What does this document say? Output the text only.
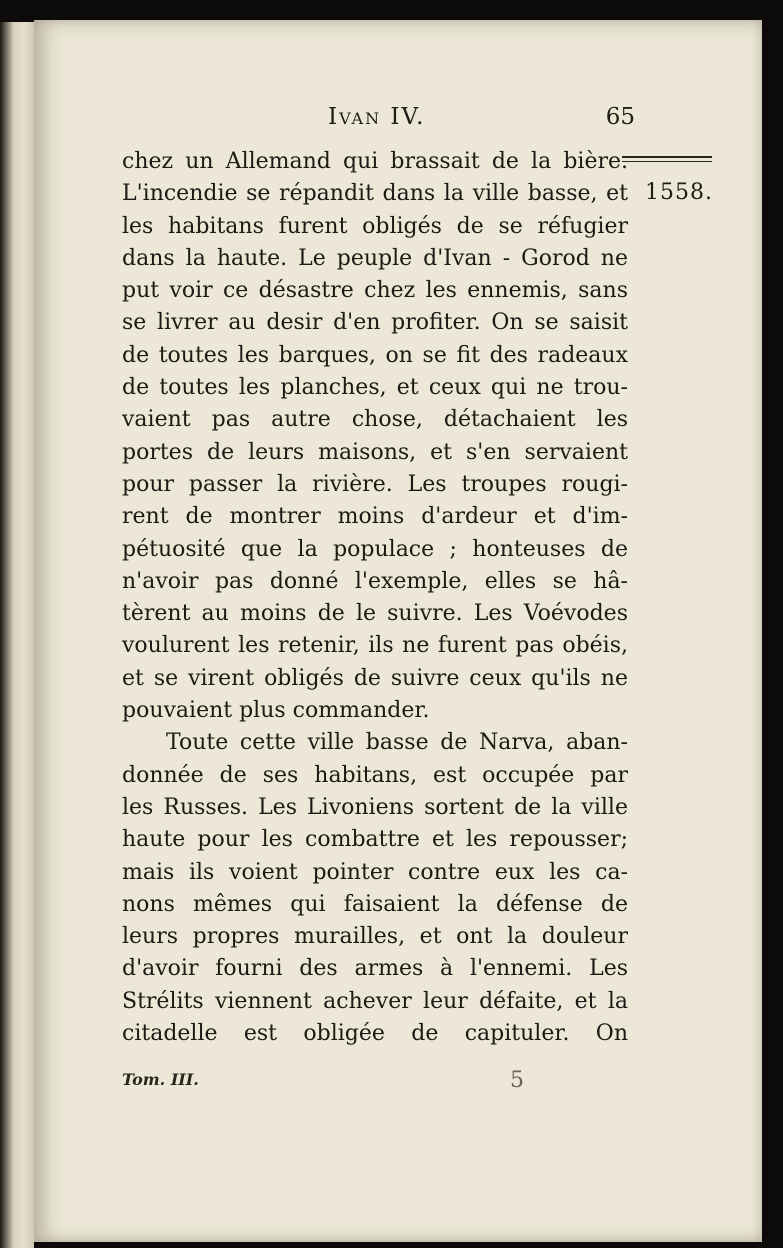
Ivan IV.	65
1558.
chez un Allemand qui brassait de la bière.
L'incendie se répandit dans la ville basse, et
les habitans furent obligés de se réfugier
dans la haute. Le peuple d'Ivan - Gorod ne
put voir ce désastre chez les ennemis, sans
se livrer au desir d'en profiter. On se saisit
de toutes les barques, on se fit des radeaux
de toutes les planches, et ceux qui ne trou-
vaient pas autre chose, détachaient les
portes de leurs maisons, et s'en servaient
pour passer la rivière. Les troupes rougi-
rent de montrer moins d'ardeur et d'im-
pétuosité que la populace ; honteuses de
n'avoir pas donné l'exemple, elles se hâ-
tèrent au moins de le suivre. Les Voévodes
voulurent les retenir, ils ne furent pas obéis,
et se virent obligés de suivre ceux qu'ils ne
pouvaient plus commander.
Toute cette ville basse de Narva, aban-
donnée de ses habitans, est occupée par
les Russes. Les Livoniens sortent de la ville
haute pour les combattre et les repousser;
mais ils voient pointer contre eux les ca-
nons mêmes qui faisaient la défense de
leurs propres murailles, et ont la douleur
d'avoir fourni des armes à l'ennemi. Les
Strélits viennent achever leur défaite, et la
citadelle est obligée de capituler. On
Tom. III.	5
